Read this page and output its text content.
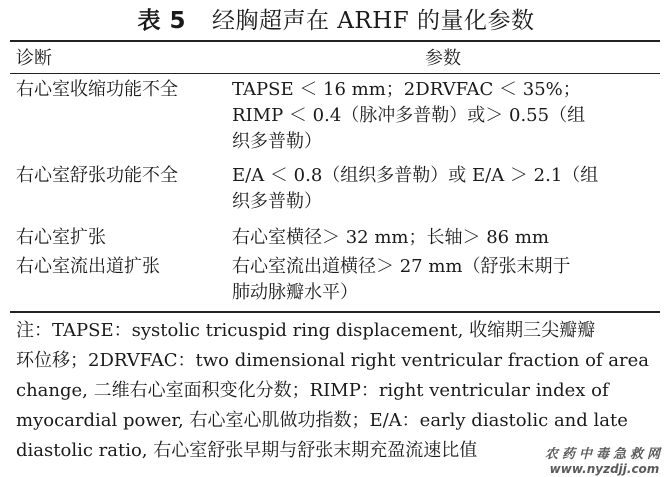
表 5 经胸超声在 ARHF 的量化参数
诊断	参数
右心室收缩功能不全	TAPSE ＜ 16 mm；2DRVFAC ＜ 35%；
RIMP ＜ 0.4（脉冲多普勒）或＞ 0.55（组
织多普勒）
右心室舒张功能不全	E/A ＜ 0.8（组织多普勒）或 E/A ＞ 2.1（组
织多普勒）
右心室扩张	右心室横径＞ 32 mm；长轴＞ 86 mm
右心室流出道扩张	右心室流出道横径＞ 27 mm（舒张末期于
肺动脉瓣水平）
注：TAPSE：systolic tricuspid ring displacement, 收缩期三尖瓣瓣
环位移；2DRVFAC：two dimensional right ventricular fraction of area
change, 二维右心室面积变化分数；RIMP：right ventricular index of
myocardial power, 右心室心肌做功指数；E/A：early diastolic and late
diastolic ratio, 右心室舒张早期与舒张末期充盈流速比值	农药中毒急救网
www.nyzdjj.com
